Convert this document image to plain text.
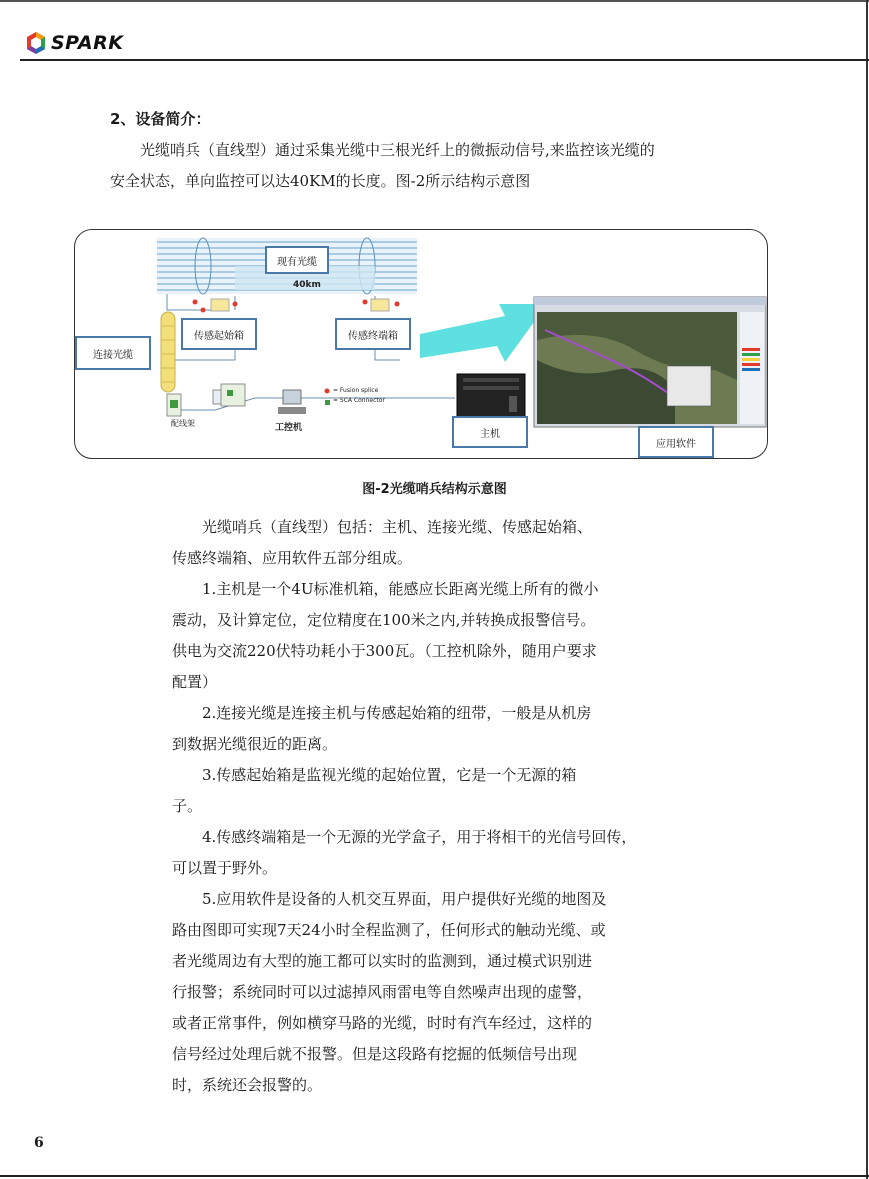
SPARK
2、设备简介：
光缆哨兵（直线型）通过采集光缆中三根光纤上的微振动信号,来监控该光缆的
安全状态，单向监控可以达40KM的长度。图-2所示结构示意图
现有光缆
40km
传感起始箱	传感终端箱
连接光缆
配线架	工控机
= Fusion splice
= SCA Connector
主机
应用软件
图-2光缆哨兵结构示意图

光缆哨兵（直线型）包括：主机、连接光缆、传感起始箱、

传感终端箱、应用软件五部分组成。

1.主机是一个4U标准机箱，能感应长距离光缆上所有的微小

震动，及计算定位，定位精度在100米之内,并转换成报警信号。

供电为交流220伏特功耗小于300瓦。（工控机除外，随用户要求

配置）

2.连接光缆是连接主机与传感起始箱的纽带，一般是从机房

到数据光缆很近的距离。

3.传感起始箱是监视光缆的起始位置，它是一个无源的箱

子。

4.传感终端箱是一个无源的光学盒子，用于将相干的光信号回传，

可以置于野外。

5.应用软件是设备的人机交互界面，用户提供好光缆的地图及

路由图即可实现7天24小时全程监测了，任何形式的触动光缆、或

者光缆周边有大型的施工都可以实时的监测到，通过模式识别进

行报警；系统同时可以过滤掉风雨雷电等自然噪声出现的虚警，

或者正常事件，例如横穿马路的光缆，时时有汽车经过，这样的

信号经过处理后就不报警。但是这段路有挖掘的低频信号出现

时，系统还会报警的。

6
